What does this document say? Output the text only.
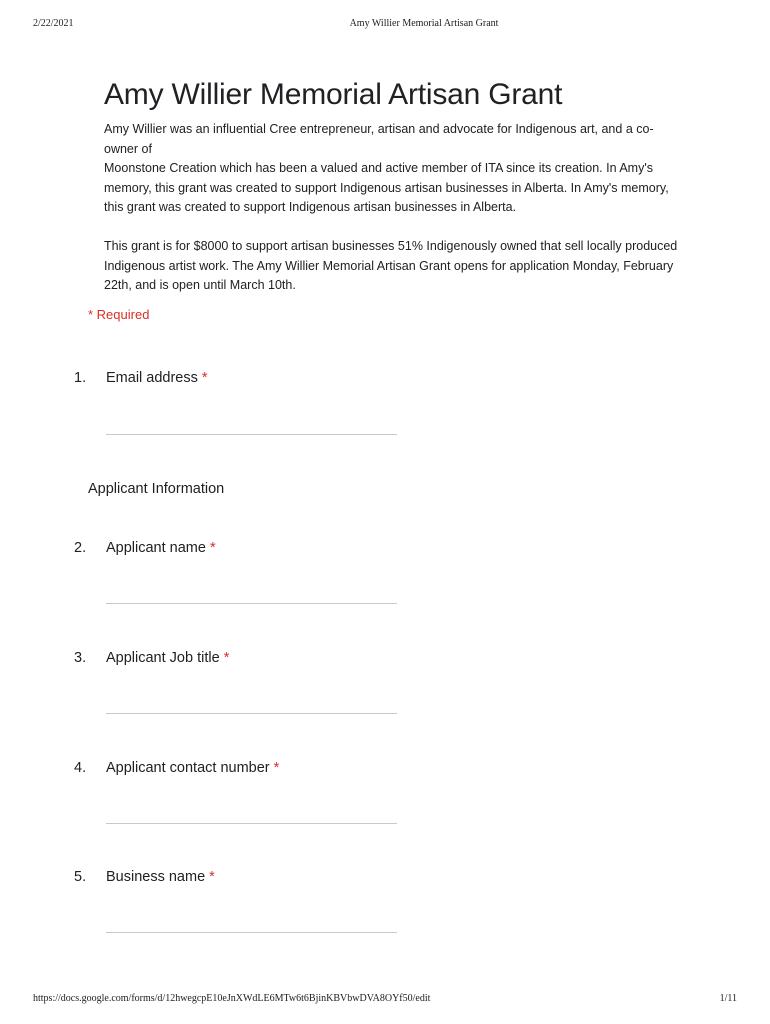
2/22/2021	Amy Willier Memorial Artisan Grant
Amy Willier Memorial Artisan Grant

Amy Willier was an influential Cree entrepreneur, artisan and advocate for Indigenous art, and a co-owner of

Moonstone Creation which has been a valued and active member of ITA since its creation. In Amy's memory, this grant was created to support Indigenous artisan businesses in Alberta. In Amy's memory, this grant was created to support Indigenous artisan businesses in Alberta.

This grant is for $8000 to support artisan businesses 51% Indigenously owned that sell locally produced Indigenous artist work. The Amy Willier Memorial Artisan Grant opens for application Monday, February 22th, and is open until March 10th.

* Required
1. Email address *
Applicant Information
2. Applicant name *
3. Applicant Job title *
4. Applicant contact number *
5. Business name *
https://docs.google.com/forms/d/12hwegcpE10eJnXWdLE6MTw6t6BjinKBVbwDVA8OYf50/edit	1/11
